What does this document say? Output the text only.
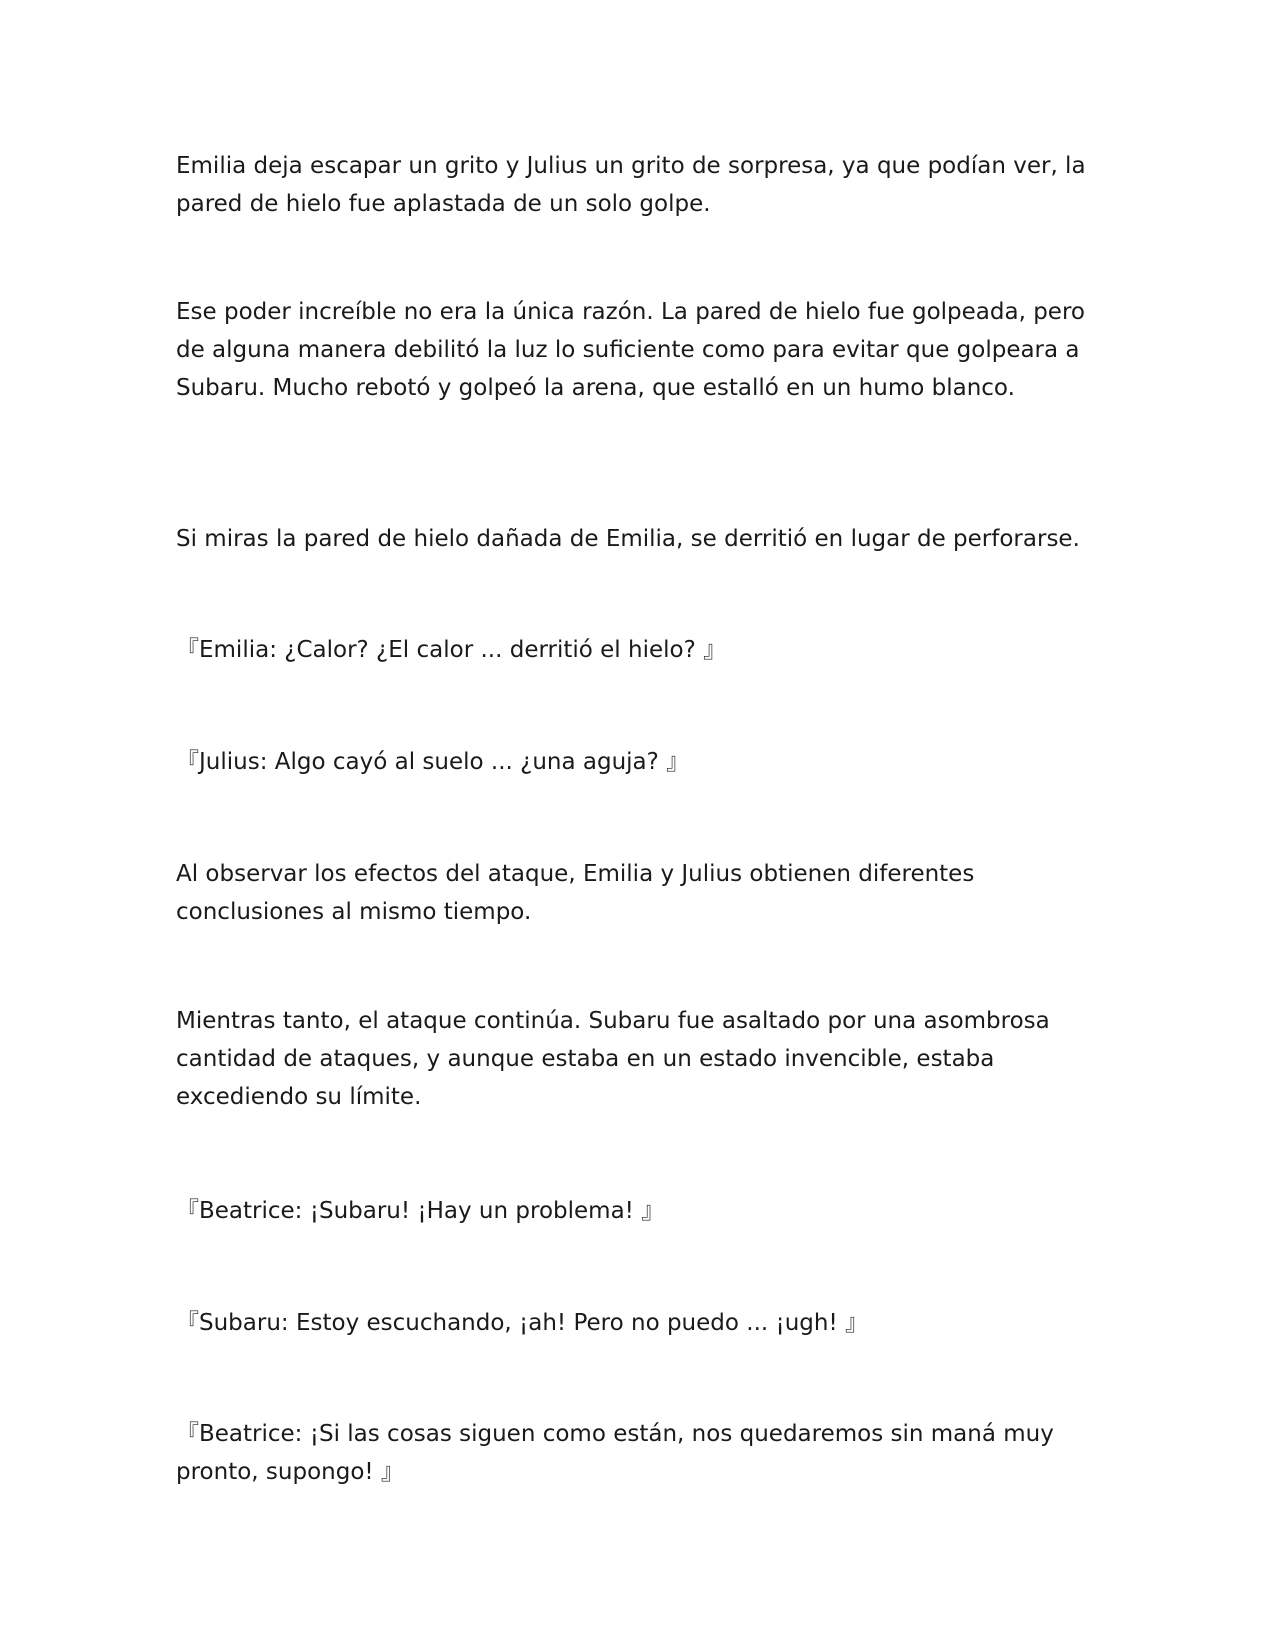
Emilia deja escapar un grito y Julius un grito de sorpresa, ya que podían ver, la pared de hielo fue aplastada de un solo golpe.

Ese poder increíble no era la única razón. La pared de hielo fue golpeada, pero de alguna manera debilitó la luz lo suficiente como para evitar que golpeara a Subaru. Mucho rebotó y golpeó la arena, que estalló en un humo blanco.

Si miras la pared de hielo dañada de Emilia, se derritió en lugar de perforarse.

『Emilia: ¿Calor? ¿El calor ... derritió el hielo? 』

『Julius: Algo cayó al suelo ... ¿una aguja? 』

Al observar los efectos del ataque, Emilia y Julius obtienen diferentes conclusiones al mismo tiempo.

Mientras tanto, el ataque continúa. Subaru fue asaltado por una asombrosa cantidad de ataques, y aunque estaba en un estado invencible, estaba excediendo su límite.

『Beatrice: ¡Subaru! ¡Hay un problema! 』

『Subaru: Estoy escuchando, ¡ah! Pero no puedo ... ¡ugh! 』

『Beatrice: ¡Si las cosas siguen como están, nos quedaremos sin maná muy pronto, supongo! 』
